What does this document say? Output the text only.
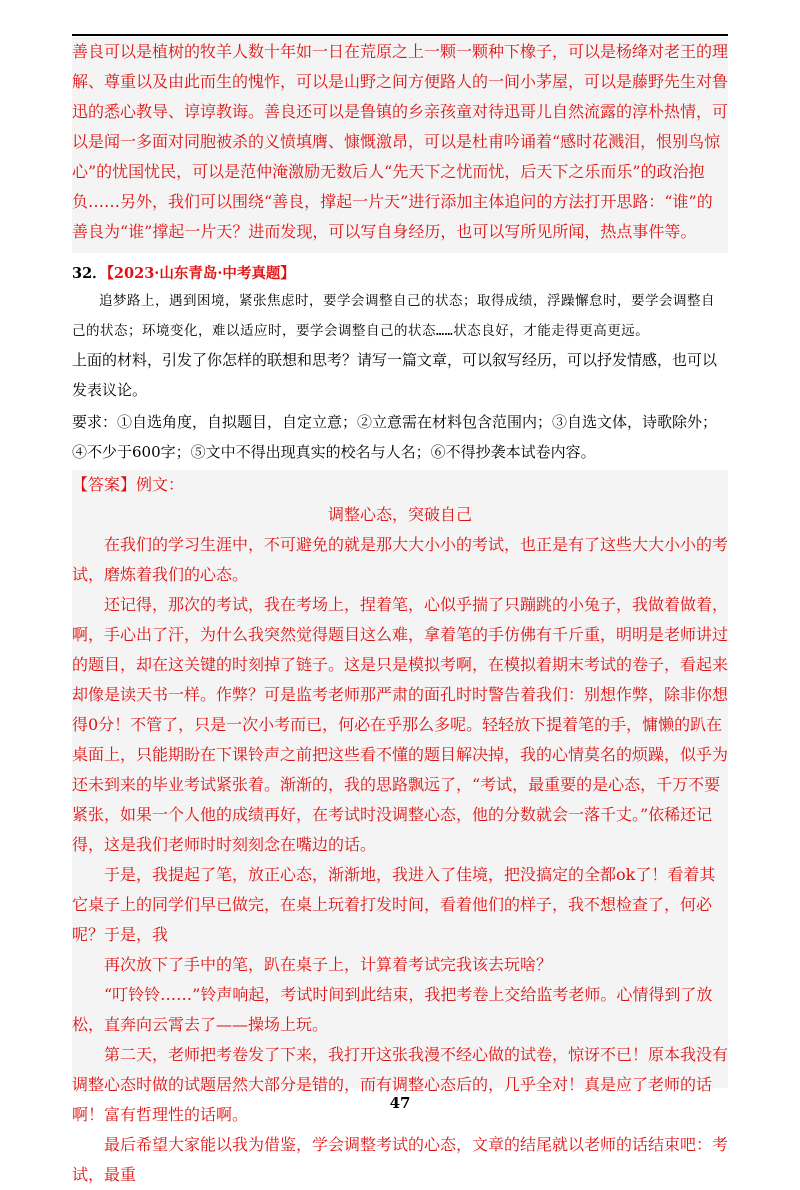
善良可以是植树的牧羊人数十年如一日在荒原之上一颗一颗种下橡子，可以是杨绛对老王的理解、尊重以及由此而生的愧怍，可以是山野之间方便路人的一间小茅屋，可以是藤野先生对鲁迅的悉心教导、谆谆教诲。善良还可以是鲁镇的乡亲孩童对待迅哥儿自然流露的淳朴热情，可以是闻一多面对同胞被杀的义愤填膺、慷慨激昂，可以是杜甫吟诵着“感时花溅泪，恨别鸟惊心”的忧国忧民，可以是范仲淹激励无数后人“先天下之忧而忧，后天下之乐而乐”的政治抱负……另外，我们可以围绕“善良，撑起一片天”进行添加主体追问的方法打开思路：“谁”的善良为“谁”撑起一片天？进而发现，可以写自身经历，也可以写所见所闻，热点事件等。

32．【2023·山东青岛·中考真题】

追梦路上，遇到困境，紧张焦虑时，要学会调整自己的状态；取得成绩，浮躁懈怠时，要学会调整自己的状态；环境变化，难以适应时，要学会调整自己的状态……状态良好，才能走得更高更远。

上面的材料，引发了你怎样的联想和思考？请写一篇文章，可以叙写经历，可以抒发情感，也可以发表议论。
要求：①自选角度，自拟题目，自定立意；②立意需在材料包含范围内；③自选文体，诗歌除外；④不少于600字；⑤文中不得出现真实的校名与人名；⑥不得抄袭本试卷内容。

【答案】例文：

调整心态，突破自己

在我们的学习生涯中，不可避免的就是那大大小小的考试，也正是有了这些大大小小的考试，磨炼着我们的心态。

还记得，那次的考试，我在考场上，捏着笔，心似乎揣了只蹦跳的小兔子，我做着做着，啊，手心出了汗，为什么我突然觉得题目这么难，拿着笔的手仿佛有千斤重，明明是老师讲过的题目，却在这关键的时刻掉了链子。这是只是模拟考啊，在模拟着期末考试的卷子，看起来却像是读天书一样。作弊？可是监考老师那严肃的面孔时时警告着我们：别想作弊，除非你想得0分！不管了，只是一次小考而已，何必在乎那么多呢。轻轻放下提着笔的手，慵懒的趴在桌面上，只能期盼在下课铃声之前把这些看不懂的题目解决掉，我的心情莫名的烦躁，似乎为还未到来的毕业考试紧张着。渐渐的，我的思路飘远了，“考试，最重要的是心态，千万不要紧张，如果一个人他的成绩再好，在考试时没调整心态，他的分数就会一落千丈。”依稀还记得，这是我们老师时时刻刻念在嘴边的话。

于是，我提起了笔，放正心态，渐渐地，我进入了佳境，把没搞定的全都ok了！看着其它桌子上的同学们早已做完，在桌上玩着打发时间，看着他们的样子，我不想检查了，何必呢？于是，我

再次放下了手中的笔，趴在桌子上，计算着考试完我该去玩啥？

“叮铃铃……”铃声响起，考试时间到此结束，我把考卷上交给监考老师。心情得到了放松，直奔向云霄去了——操场上玩。

第二天，老师把考卷发了下来，我打开这张我漫不经心做的试卷，惊讶不已！原本我没有调整心态时做的试题居然大部分是错的，而有调整心态后的，几乎全对！真是应了老师的话啊！富有哲理性的话啊。

最后希望大家能以我为借鉴，学会调整考试的心态，文章的结尾就以老师的话结束吧：考试，最重

47
